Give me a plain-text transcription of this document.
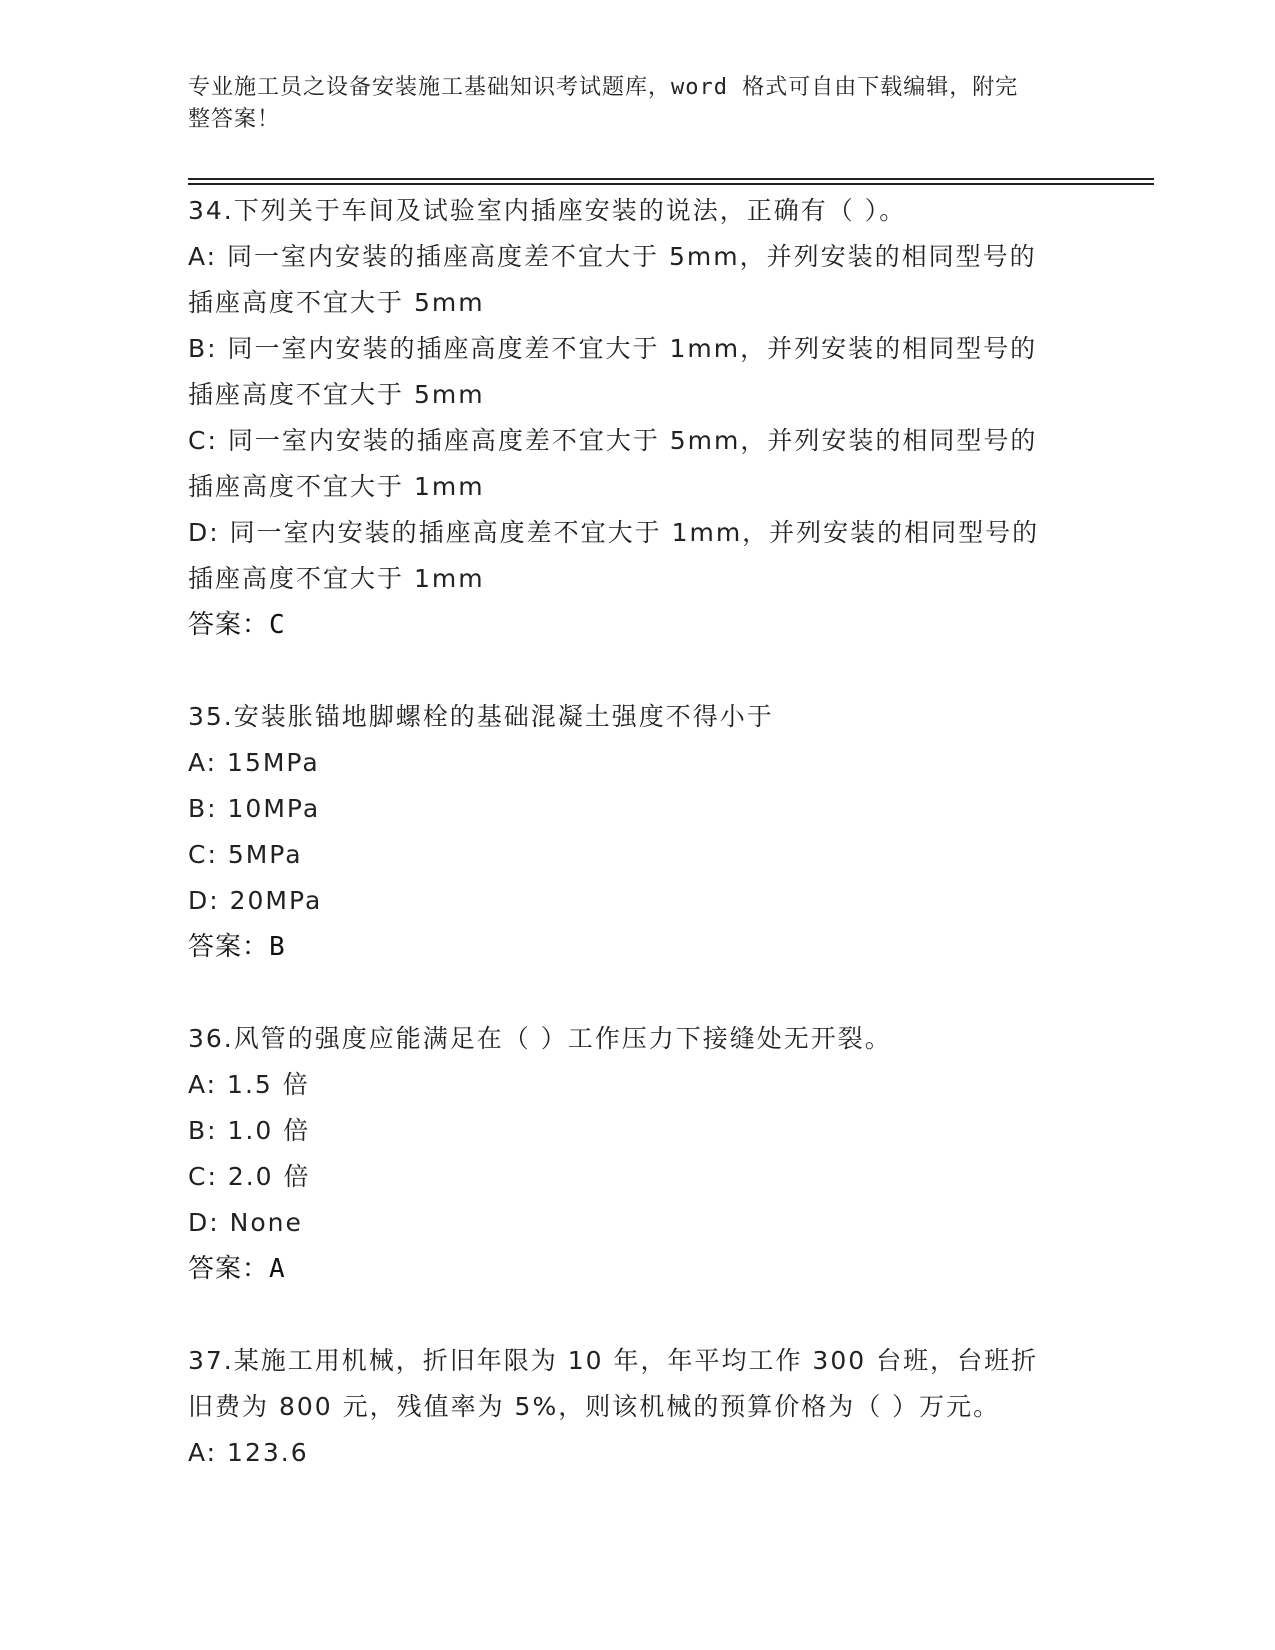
专业施工员之设备安装施工基础知识考试题库，word 格式可自由下载编辑，附完
整答案！
34.下列关于车间及试验室内插座安装的说法，正确有（ ）。
A: 同一室内安装的插座高度差不宜大于 5mm，并列安装的相同型号的
插座高度不宜大于 5mm
B: 同一室内安装的插座高度差不宜大于 1mm，并列安装的相同型号的
插座高度不宜大于 5mm
C: 同一室内安装的插座高度差不宜大于 5mm，并列安装的相同型号的
插座高度不宜大于 1mm
D: 同一室内安装的插座高度差不宜大于 1mm，并列安装的相同型号的
插座高度不宜大于 1mm
答案：C
35.安装胀锚地脚螺栓的基础混凝土强度不得小于
A: 15MPa
B: 10MPa
C: 5MPa
D: 20MPa
答案：B
36.风管的强度应能满足在（ ）工作压力下接缝处无开裂。
A: 1.5 倍
B: 1.0 倍
C: 2.0 倍
D: None
答案：A
37.某施工用机械，折旧年限为 10 年，年平均工作 300 台班，台班折
旧费为 800 元，残值率为 5%，则该机械的预算价格为（ ）万元。
A: 123.6
